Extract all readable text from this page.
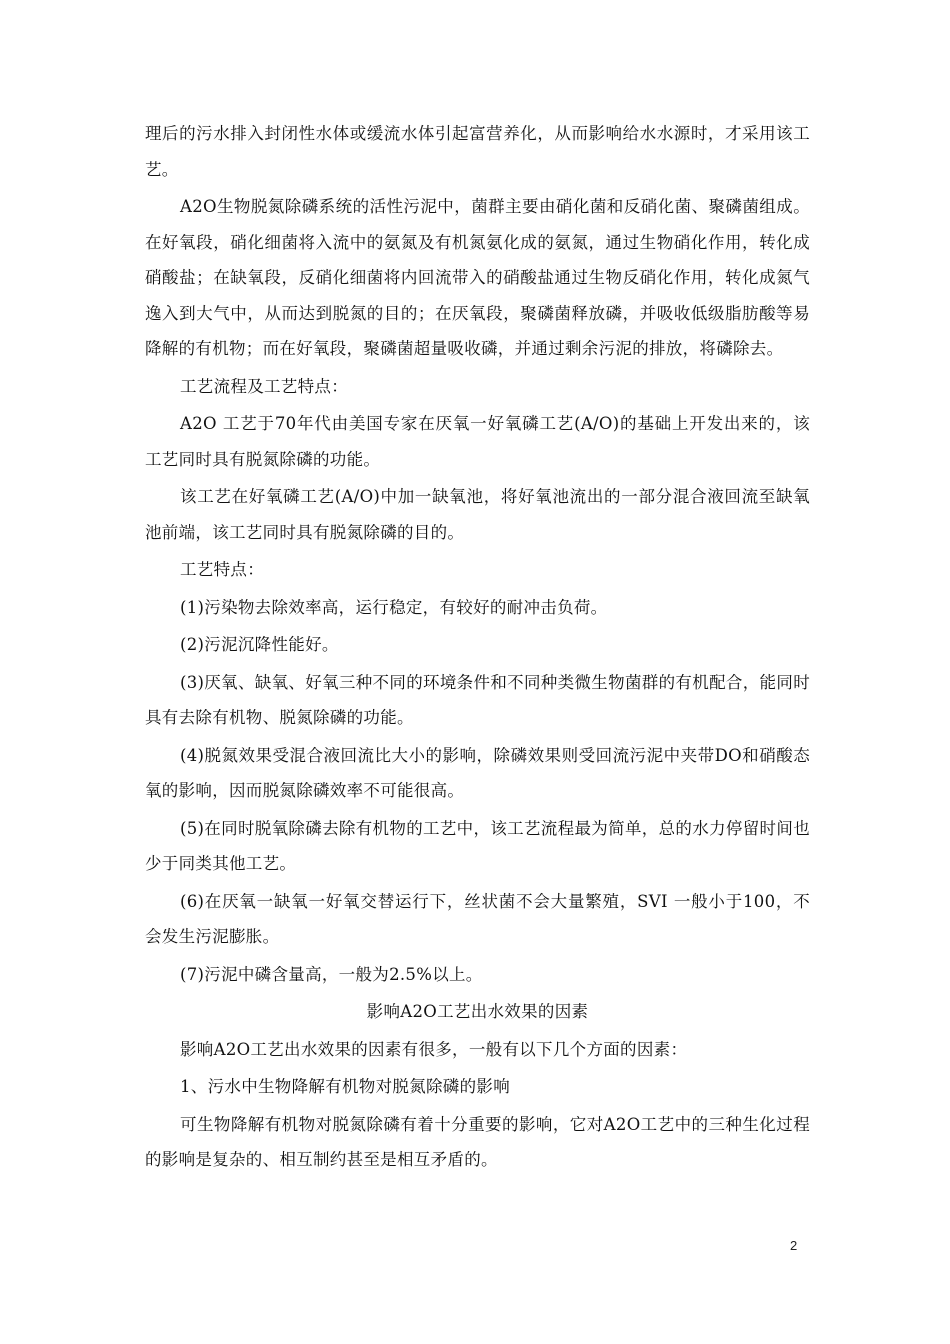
理后的污水排入封闭性水体或缓流水体引起富营养化，从而影响给水水源时，才采用该工艺。

A2O生物脱氮除磷系统的活性污泥中，菌群主要由硝化菌和反硝化菌、聚磷菌组成。在好氧段，硝化细菌将入流中的氨氮及有机氮氨化成的氨氮，通过生物硝化作用，转化成硝酸盐；在缺氧段，反硝化细菌将内回流带入的硝酸盐通过生物反硝化作用，转化成氮气逸入到大气中，从而达到脱氮的目的；在厌氧段，聚磷菌释放磷，并吸收低级脂肪酸等易降解的有机物；而在好氧段，聚磷菌超量吸收磷，并通过剩余污泥的排放，将磷除去。

工艺流程及工艺特点：

A2O 工艺于70年代由美国专家在厌氧一好氧磷工艺(A/O)的基础上开发出来的，该工艺同时具有脱氮除磷的功能。

该工艺在好氧磷工艺(A/O)中加一缺氧池，将好氧池流出的一部分混合液回流至缺氧池前端，该工艺同时具有脱氮除磷的目的。

工艺特点：

(1)污染物去除效率高，运行稳定，有较好的耐冲击负荷。

(2)污泥沉降性能好。

(3)厌氧、缺氧、好氧三种不同的环境条件和不同种类微生物菌群的有机配合，能同时具有去除有机物、脱氮除磷的功能。

(4)脱氮效果受混合液回流比大小的影响，除磷效果则受回流污泥中夹带DO和硝酸态氧的影响，因而脱氮除磷效率不可能很高。

(5)在同时脱氧除磷去除有机物的工艺中，该工艺流程最为简单，总的水力停留时间也少于同类其他工艺。

(6)在厌氧一缺氧一好氧交替运行下，丝状菌不会大量繁殖，SVI 一般小于100，不会发生污泥膨胀。

(7)污泥中磷含量高，一般为2.5%以上。

影响A2O工艺出水效果的因素

影响A2O工艺出水效果的因素有很多，一般有以下几个方面的因素：

1、污水中生物降解有机物对脱氮除磷的影响

可生物降解有机物对脱氮除磷有着十分重要的影响，它对A2O工艺中的三种生化过程的影响是复杂的、相互制约甚至是相互矛盾的。

2
